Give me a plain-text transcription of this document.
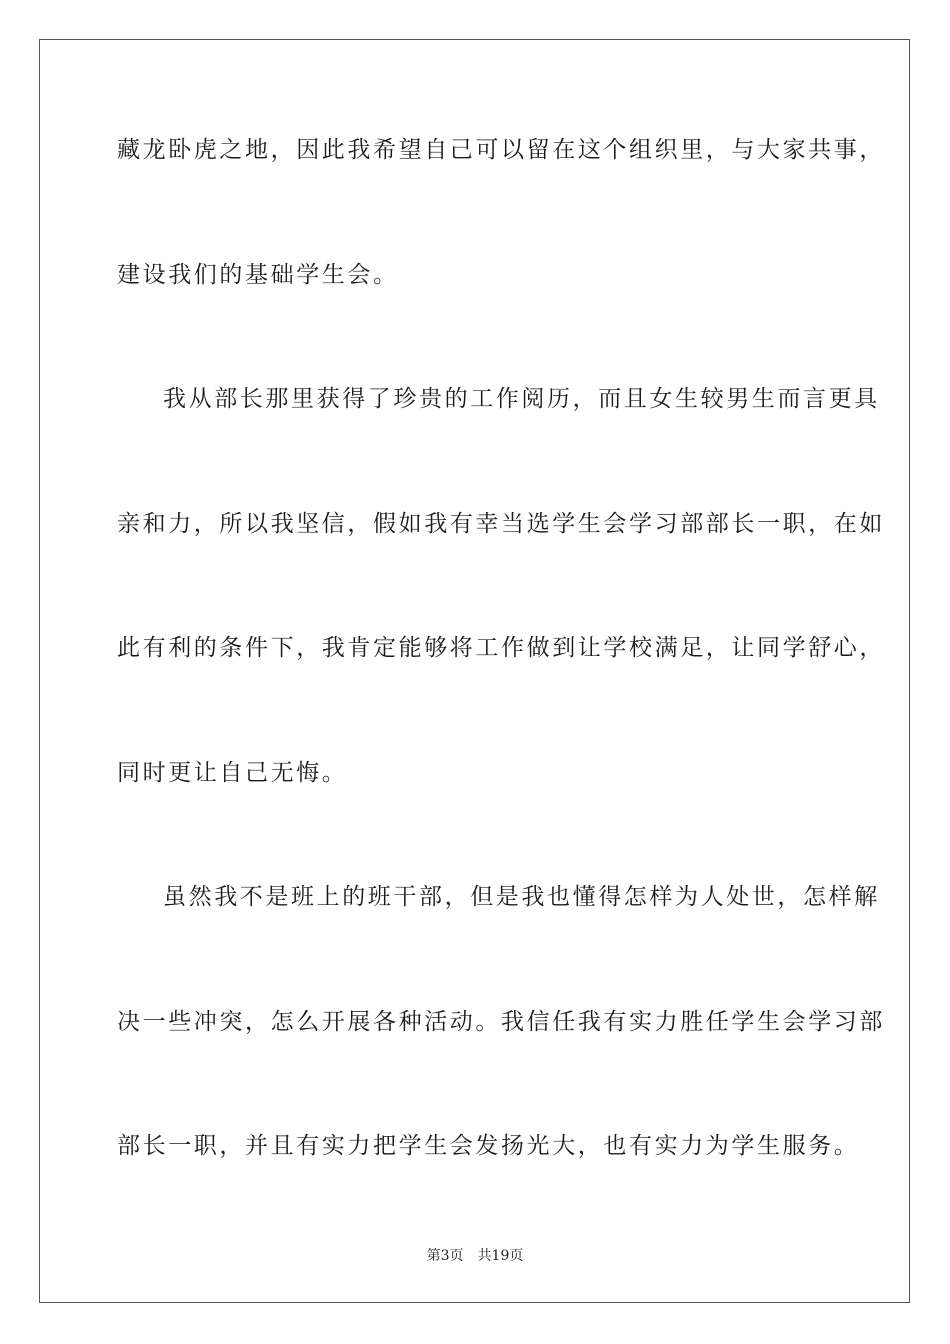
藏龙卧虎之地，因此我希望自己可以留在这个组织里，与大家共事，
建设我们的基础学生会。
我从部长那里获得了珍贵的工作阅历，而且女生较男生而言更具
亲和力，所以我坚信，假如我有幸当选学生会学习部部长一职，在如
此有利的条件下，我肯定能够将工作做到让学校满足，让同学舒心，
同时更让自己无悔。
虽然我不是班上的班干部，但是我也懂得怎样为人处世，怎样解
决一些冲突，怎么开展各种活动。我信任我有实力胜任学生会学习部
部长一职，并且有实力把学生会发扬光大，也有实力为学生服务。
第3页 共19页
